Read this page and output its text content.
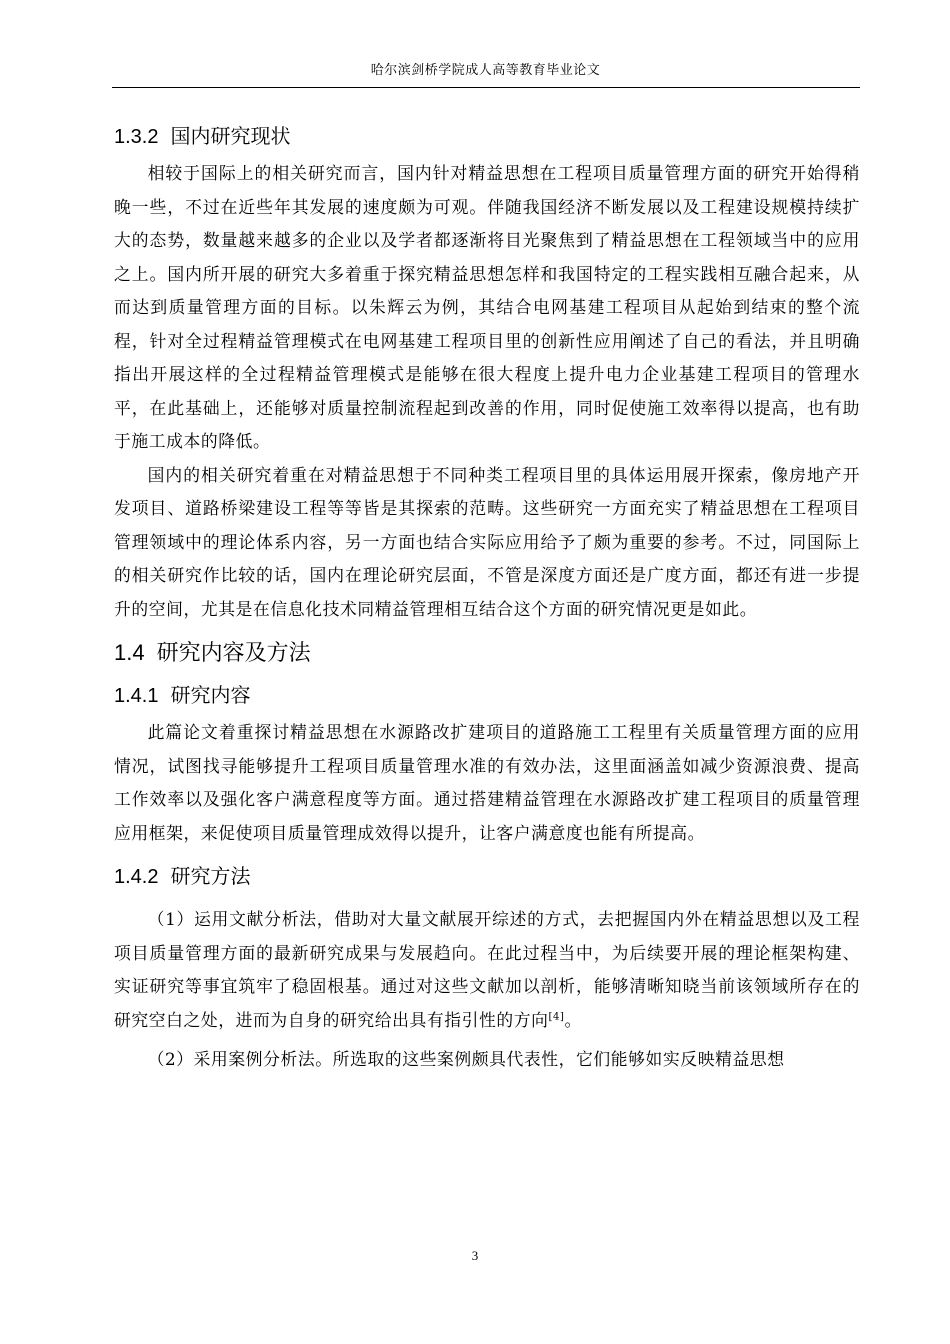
哈尔滨剑桥学院成人高等教育毕业论文
1.3.2 国内研究现状

相较于国际上的相关研究而言，国内针对精益思想在工程项目质量管理方面的研究开始得稍晚一些，不过在近些年其发展的速度颇为可观。伴随我国经济不断发展以及工程建设规模持续扩大的态势，数量越来越多的企业以及学者都逐渐将目光聚焦到了精益思想在工程领域当中的应用之上。国内所开展的研究大多着重于探究精益思想怎样和我国特定的工程实践相互融合起来，从而达到质量管理方面的目标。以朱辉云为例，其结合电网基建工程项目从起始到结束的整个流程，针对全过程精益管理模式在电网基建工程项目里的创新性应用阐述了自己的看法，并且明确指出开展这样的全过程精益管理模式是能够在很大程度上提升电力企业基建工程项目的管理水平，在此基础上，还能够对质量控制流程起到改善的作用，同时促使施工效率得以提高，也有助于施工成本的降低。

国内的相关研究着重在对精益思想于不同种类工程项目里的具体运用展开探索，像房地产开发项目、道路桥梁建设工程等等皆是其探索的范畴。这些研究一方面充实了精益思想在工程项目管理领域中的理论体系内容，另一方面也结合实际应用给予了颇为重要的参考。不过，同国际上的相关研究作比较的话，国内在理论研究层面，不管是深度方面还是广度方面，都还有进一步提升的空间，尤其是在信息化技术同精益管理相互结合这个方面的研究情况更是如此。

1.4 研究内容及方法
1.4.1 研究内容

此篇论文着重探讨精益思想在水源路改扩建项目的道路施工工程里有关质量管理方面的应用情况，试图找寻能够提升工程项目质量管理水准的有效办法，这里面涵盖如减少资源浪费、提高工作效率以及强化客户满意程度等方面。通过搭建精益管理在水源路改扩建工程项目的质量管理应用框架，来促使项目质量管理成效得以提升，让客户满意度也能有所提高。

1.4.2 研究方法

（1）运用文献分析法，借助对大量文献展开综述的方式，去把握国内外在精益思想以及工程项目质量管理方面的最新研究成果与发展趋向。在此过程当中，为后续要开展的理论框架构建、实证研究等事宜筑牢了稳固根基。通过对这些文献加以剖析，能够清晰知晓当前该领域所存在的研究空白之处，进而为自身的研究给出具有指引性的方向[4]。

（2）采用案例分析法。所选取的这些案例颇具代表性，它们能够如实反映精益思想

3
